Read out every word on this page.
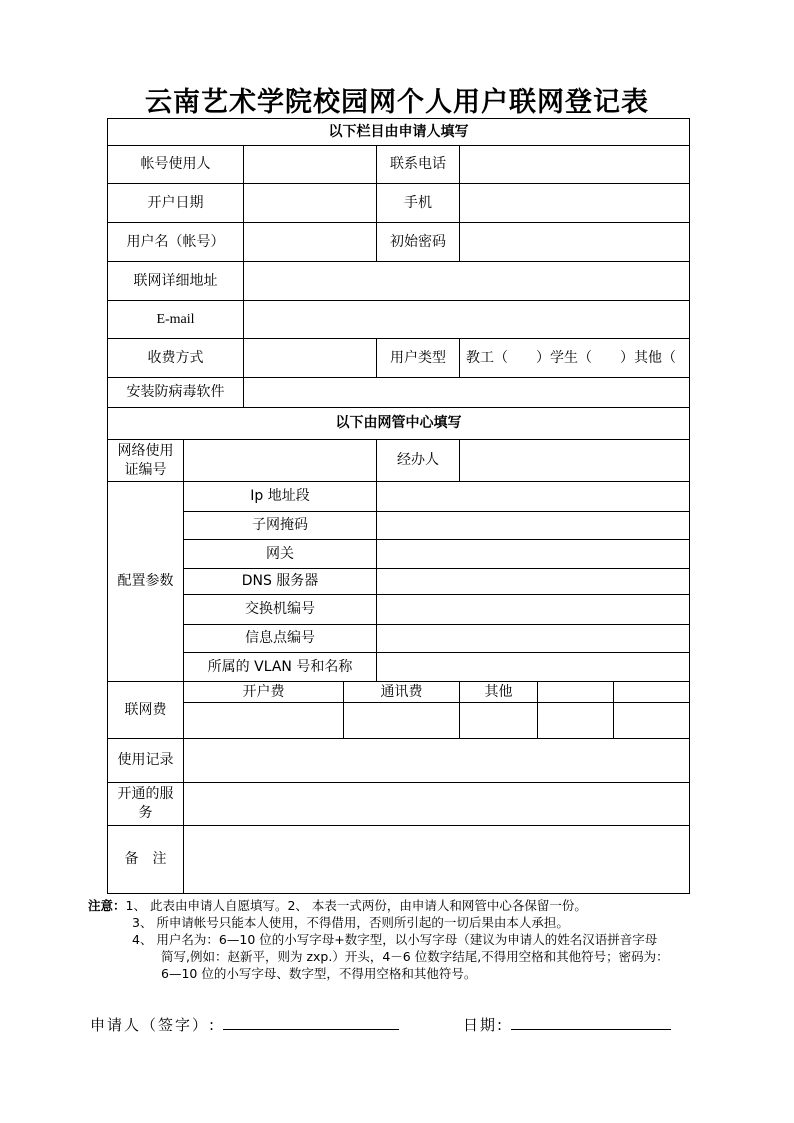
云南艺术学院校园网个人用户联网登记表
以下栏目由申请人填写							
帐号使用人				联系电话			
开户日期				手机			
用户名（帐号）				初始密码			
联网详细地址							
E-mail							
收费方式				用户类型	教工（　　）学生（　　）其他（		
安装防病毒软件							
以下由网管中心填写							
网络使用证编号				经办人			
配置参数	Ip 地址段						
	子网掩码						
	网关						
	DNS 服务器						
	交换机编号						
	信息点编号						
	所属的 VLAN 号和名称						
联网费	开户费		通讯费		其他		

使用记录							
开通的服务							
备　注							
注意：1、 此表由申请人自愿填写。2、 本表一式两份，由申请人和网管中心各保留一份。
3、 所申请帐号只能本人使用，不得借用，否则所引起的一切后果由本人承担。
4、 用户名为：6—10 位的小写字母+数字型，以小写字母（建议为申请人的姓名汉语拼音字母
简写,例如：赵新平，则为 zxp.）开头，4－6 位数字结尾,不得用空格和其他符号；密码为：
6—10 位的小写字母、数字型，不得用空格和其他符号。
申请人（签字）:	日期:
